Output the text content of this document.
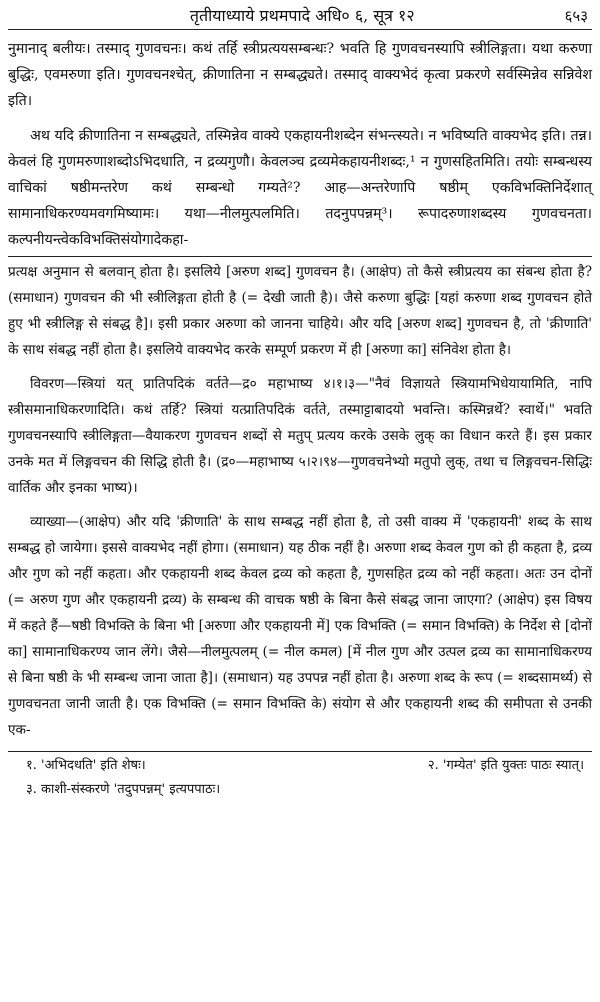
तृतीयाध्याये प्रथमपादे अधि० ६, सूत्र १२	६५३

नुमानाद् बलीयः। तस्माद् गुणवचनः। कथं तर्हि स्त्रीप्रत्ययसम्बन्धः? भवति हि गुणवचनस्यापि स्त्रीलिङ्गता। यथा करुणा बुद्धिः, एवमरुणा इति। गुणवचनश्चेत्, क्रीणातिना न सम्बद्ध्यते। तस्माद् वाक्यभेदं कृत्वा प्रकरणे सर्वस्मिन्नेव सन्निवेश इति।

अथ यदि क्रीणातिना न सम्बद्ध्यते, तस्मिन्नेव वाक्ये एकहायनीशब्देन संभन्त्स्यते। न भविष्यति वाक्यभेद इति। तन्न। केवलं हि गुणमरुणाशब्दोऽभिदधाति, न द्रव्यगुणौ। केवलञ्च द्रव्यमेकहायनीशब्दः,¹ न गुणसहितमिति। तयोः सम्बन्धस्य वाचिकां षष्ठीमन्तरेण कथं सम्बन्धो गम्यते²? आह—अन्तरेणापि षष्ठीम् एकविभक्तिनिर्देशात् सामानाधिकरण्यमवगमिष्यामः। यथा—नीलमुत्पलमिति। तदनुपपन्नम्³। रूपादरुणाशब्दस्य गुणवचनता। कल्पनीयन्त्वेकविभक्तिसंयोगादेकहा-

प्रत्यक्ष अनुमान से बलवान् होता है। इसलिये [अरुण शब्द] गुणवचन है। (आक्षेप) तो कैसे स्त्रीप्रत्यय का संबन्ध होता है? (समाधान) गुणवचन की भी स्त्रीलिङ्गता होती है (= देखी जाती है)। जैसे करुणा बुद्धिः [यहां करुणा शब्द गुणवचन होते हुए भी स्त्रीलिङ्ग से संबद्ध है]। इसी प्रकार अरुणा को जानना चाहिये। और यदि [अरुण शब्द] गुणवचन है, तो 'क्रीणाति' के साथ संबद्ध नहीं होता है। इसलिये वाक्यभेद करके सम्पूर्ण प्रकरण में ही [अरुणा का] संनिवेश होता है।

विवरण—स्त्रियां यत् प्रातिपदिकं वर्तते—द्र० महाभाष्य ४।१।३—"नैवं विज्ञायते स्त्रियामभिधेयायामिति, नापि स्त्रीसमानाधिकरणादिति। कथं तर्हि? स्त्रियां यत्प्रातिपदिकं वर्तते, तस्माट्टाबादयो भवन्ति। कस्मिन्नर्थे? स्वार्थे।" भवति गुणवचनस्यापि स्त्रीलिङ्गता—वैयाकरण गुणवचन शब्दों से मतुप् प्रत्यय करके उसके लुक् का विधान करते हैं। इस प्रकार उनके मत में लिङ्गवचन की सिद्धि होती है। (द्र०—महाभाष्य ५।२।९४—गुणवचनेभ्यो मतुपो लुक्, तथा च लिङ्गवचन-सिद्धिः वार्तिक और इनका भाष्य)।

व्याख्या—(आक्षेप) और यदि 'क्रीणाति' के साथ सम्बद्ध नहीं होता है, तो उसी वाक्य में 'एकहायनी' शब्द के साथ सम्बद्ध हो जायेगा। इससे वाक्यभेद नहीं होगा। (समाधान) यह ठीक नहीं है। अरुणा शब्द केवल गुण को ही कहता है, द्रव्य और गुण को नहीं कहता। और एकहायनी शब्द केवल द्रव्य को कहता है, गुणसहित द्रव्य को नहीं कहता। अतः उन दोनों (= अरुण गुण और एकहायनी द्रव्य) के सम्बन्ध की वाचक षष्ठी के बिना कैसे संबद्ध जाना जाएगा? (आक्षेप) इस विषय में कहते हैं—षष्ठी विभक्ति के बिना भी [अरुणा और एकहायनी में] एक विभक्ति (= समान विभक्ति) के निर्देश से [दोनों का] सामानाधिकरण्य जान लेंगे। जैसे—नीलमुत्पलम् (= नील कमल) [में नील गुण और उत्पल द्रव्य का सामानाधिकरण्य से बिना षष्ठी के भी सम्बन्ध जाना जाता है]। (समाधान) यह उपपन्न नहीं होता है। अरुणा शब्द के रूप (= शब्दसामर्थ्य) से गुणवचनता जानी जाती है। एक विभक्ति (= समान विभक्ति के) संयोग से और एकहायनी शब्द की समीपता से उनकी एक-

१. 'अभिदधति' इति शेषः।	२. 'गम्येत' इति युक्तः पाठः स्यात्।
३. काशी-संस्करणे 'तदुपपन्नम्' इत्यपपाठः।
